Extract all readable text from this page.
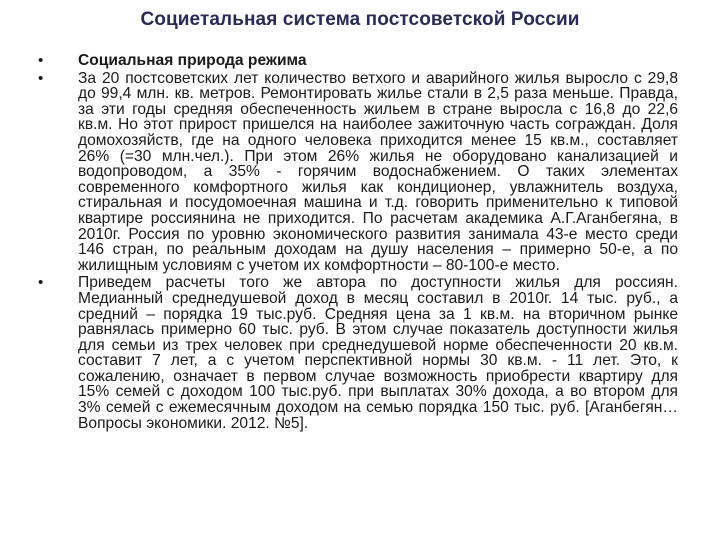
Социетальная система постсоветской России
• Социальная природа режима
• За 20 постсоветских лет количество ветхого и аварийного жилья выросло с 29,8 до 99,4 млн. кв. метров. Ремонтировать жилье стали в 2,5 раза меньше. Правда, за эти годы средняя обеспеченность жильем в стране выросла с 16,8 до 22,6 кв.м. Но этот прирост пришелся на наиболее зажиточную часть сограждан. Доля домохозяйств, где на одного человека приходится менее 15 кв.м., составляет 26% (=30 млн.чел.). При этом 26% жилья не оборудовано канализацией и водопроводом, а 35% - горячим водоснабжением. О таких элементах современного комфортного жилья как кондиционер, увлажнитель воздуха, стиральная и посудомоечная машина и т.д. говорить применительно к типовой квартире россиянина не приходится. По расчетам академика А.Г.Аганбегяна, в 2010г. Россия по уровню экономического развития занимала 43-е место среди 146 стран, по реальным доходам на душу населения – примерно 50-е, а по жилищным условиям с учетом их комфортности – 80-100-е место.
• Приведем расчеты того же автора по доступности жилья для россиян. Медианный среднедушевой доход в месяц составил в 2010г. 14 тыс. руб., а средний – порядка 19 тыс.руб. Средняя цена за 1 кв.м. на вторичном рынке равнялась примерно 60 тыс. руб. В этом случае показатель доступности жилья для семьи из трех человек при среднедушевой норме обеспеченности 20 кв.м. составит 7 лет, а с учетом перспективной нормы 30 кв.м. - 11 лет. Это, к сожалению, означает в первом случае возможность приобрести квартиру для 15% семей с доходом 100 тыс.руб. при выплатах 30% дохода, а во втором для 3% семей с ежемесячным доходом на семью порядка 150 тыс. руб. [Аганбегян…Вопросы экономики. 2012. №5].
